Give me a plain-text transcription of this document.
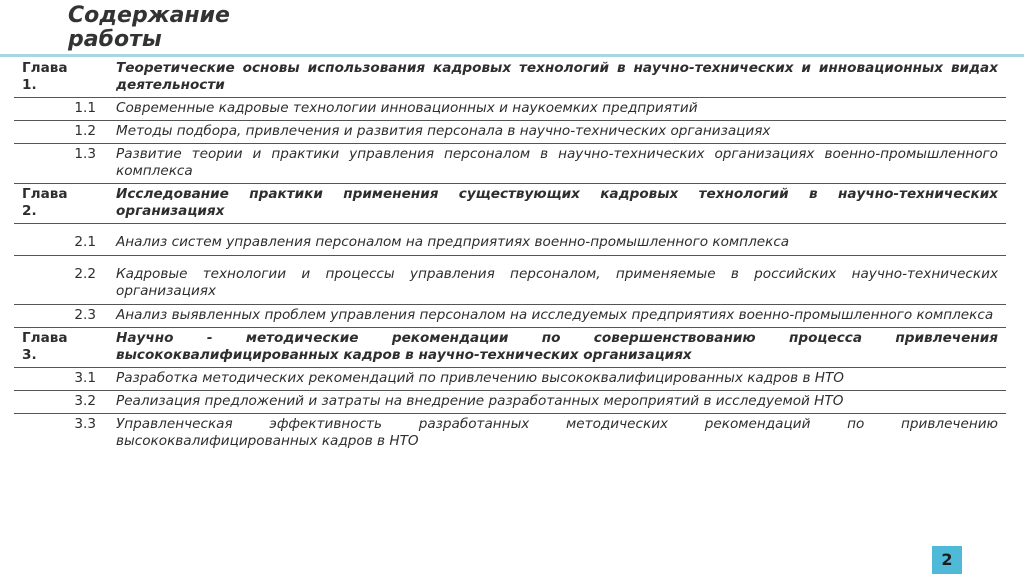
Содержание работы
Глава
1.	Теоретические основы использования кадровых технологий в научно-технических и инновационных видах деятельности
1.1	Современные кадровые технологии инновационных и наукоемких предприятий
1.2	Методы подбора, привлечения и развития персонала в научно-технических организациях
1.3	Развитие теории и практики управления персоналом в научно-технических организациях военно-промышленного комплекса
Глава
2.	Исследование практики применения существующих кадровых технологий в научно-технических организациях
2.1	Анализ систем управления персоналом на предприятиях военно-промышленного комплекса
2.2	Кадровые технологии и процессы управления персоналом, применяемые в российских научно-технических организациях
2.3	Анализ выявленных проблем управления персоналом на исследуемых предприятиях военно-промышленного комплекса
Глава
3.	Научно - методические рекомендации по совершенствованию процесса привлечения высококвалифицированных кадров в научно-технических организациях
3.1	Разработка методических рекомендаций по привлечению высококвалифицированных кадров в НТО
3.2	Реализация предложений и затраты на внедрение разработанных мероприятий в исследуемой НТО
3.3	Управленческая эффективность разработанных методических рекомендаций по привлечению высококвалифицированных кадров в НТО
2
